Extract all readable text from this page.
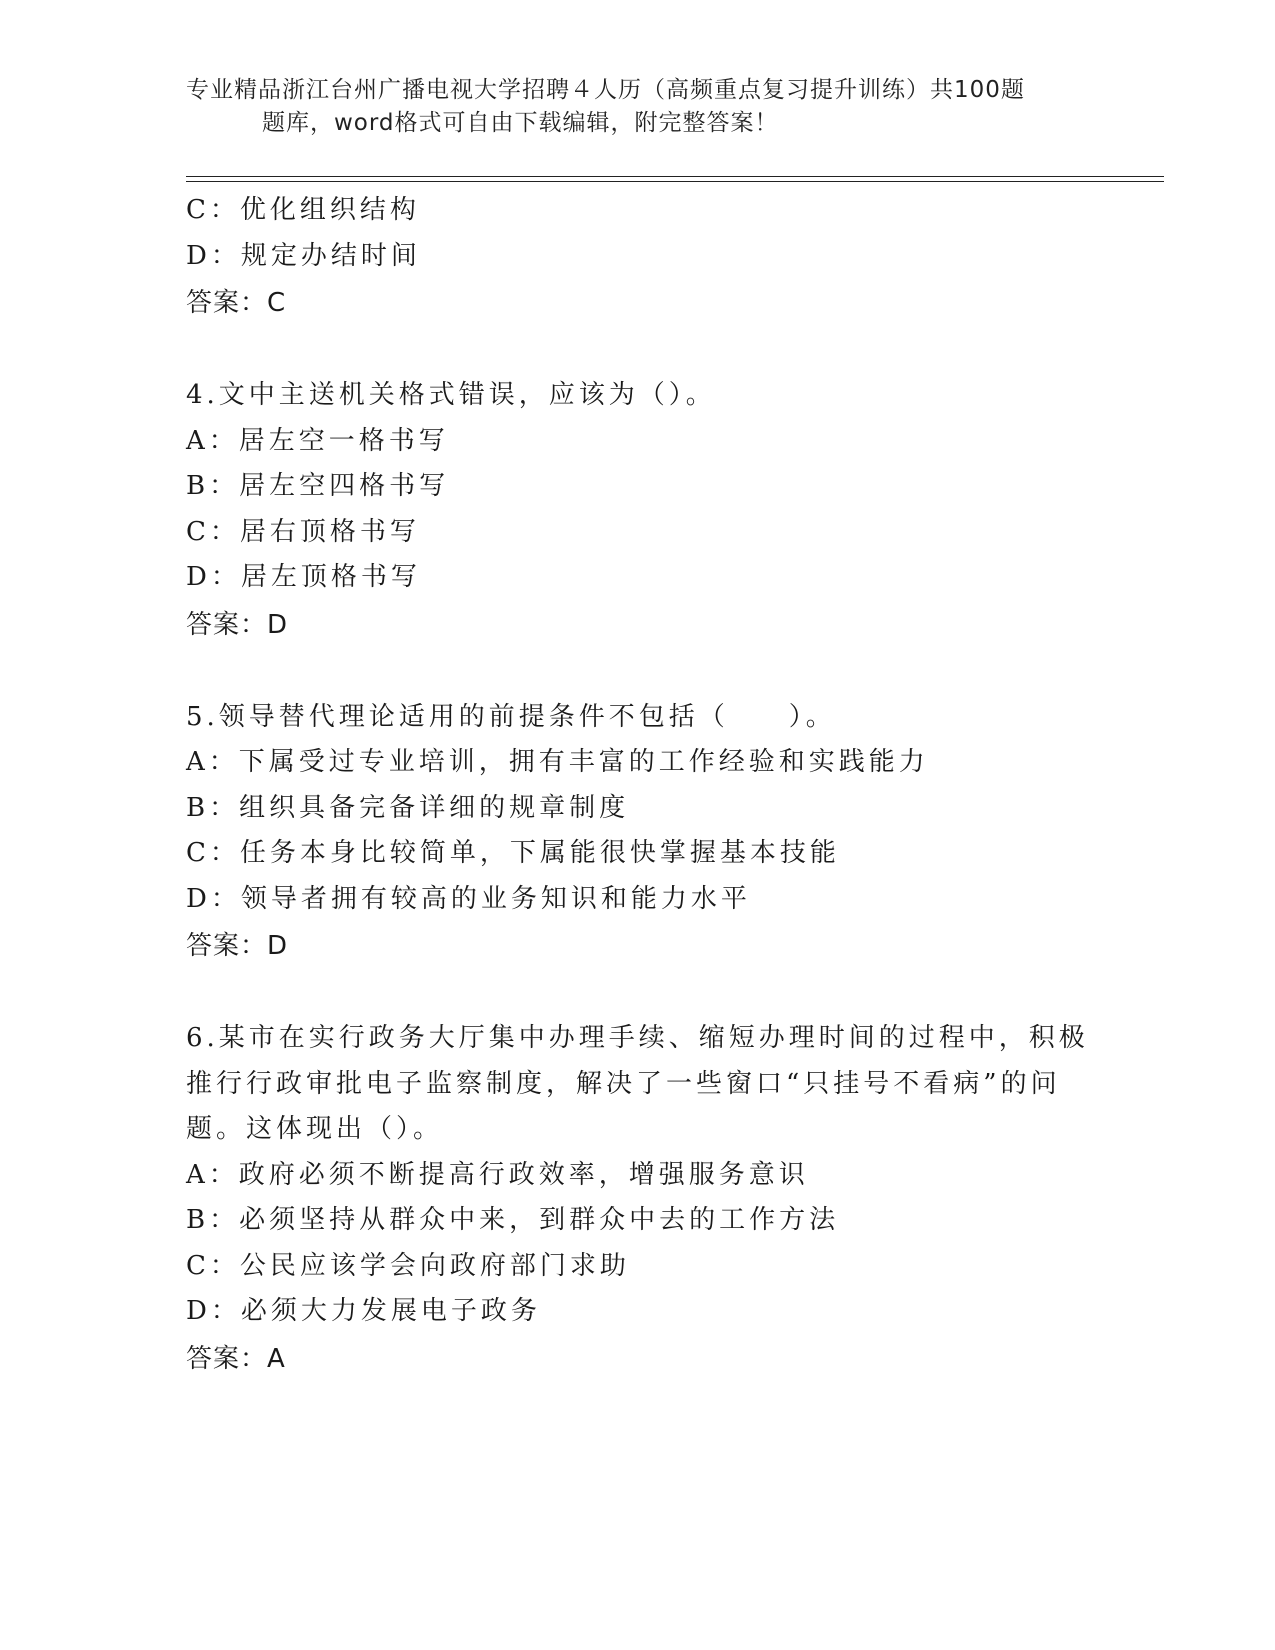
专业精品浙江台州广播电视大学招聘４人历（高频重点复习提升训练）共100题
题库，word格式可自由下载编辑，附完整答案！
C：优化组织结构
D：规定办结时间
答案：C
4.文中主送机关格式错误，应该为（）。
A：居左空一格书写
B：居左空四格书写
C：居右顶格书写
D：居左顶格书写
答案：D
5.领导替代理论适用的前提条件不包括（　　）。
A：下属受过专业培训，拥有丰富的工作经验和实践能力
B：组织具备完备详细的规章制度
C：任务本身比较简单，下属能很快掌握基本技能
D：领导者拥有较高的业务知识和能力水平
答案：D
6.某市在实行政务大厅集中办理手续、缩短办理时间的过程中，积极
推行行政审批电子监察制度，解决了一些窗口“只挂号不看病”的问
题。这体现出（）。
A：政府必须不断提高行政效率，增强服务意识
B：必须坚持从群众中来，到群众中去的工作方法
C：公民应该学会向政府部门求助
D：必须大力发展电子政务
答案：A
